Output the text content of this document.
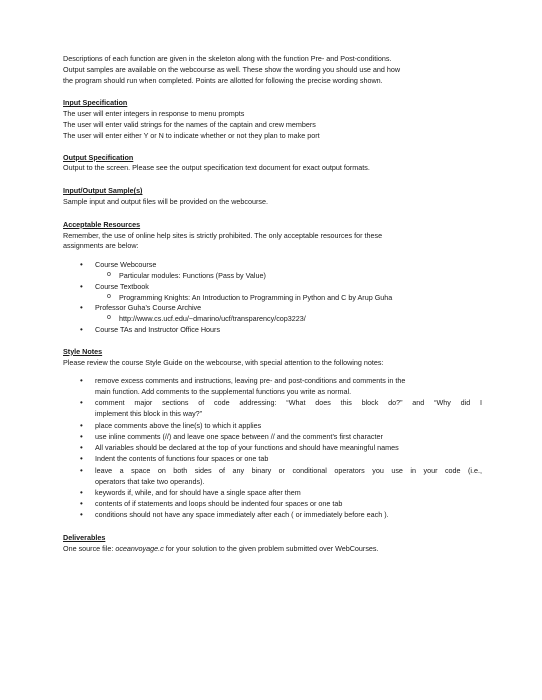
Descriptions of each function are given in the skeleton along with the function Pre- and Post-conditions.

Output samples are available on the webcourse as well. These show the wording you should use and how

the program should run when completed. Points are allotted for following the precise wording shown.

Input Specification

The user will enter integers in response to menu prompts

The user will enter valid strings for the names of the captain and crew members

The user will enter either Y or N to indicate whether or not they plan to make port

Output Specification

Output to the screen. Please see the output specification text document for exact output formats.

Input/Output Sample(s)

Sample input and output files will be provided on the webcourse.

Acceptable Resources

Remember, the use of online help sites is strictly prohibited. The only acceptable resources for these

assignments are below:

• Course Webcourse
o Particular modules: Functions (Pass by Value)
• Course Textbook
o Programming Knights: An Introduction to Programming in Python and C by Arup Guha
• Professor Guha’s Course Archive
o http://www.cs.ucf.edu/~dmarino/ucf/transparency/cop3223/
• Course TAs and Instructor Office Hours

Style Notes

Please review the course Style Guide on the webcourse, with special attention to the following notes:

• remove excess comments and instructions, leaving pre- and post-conditions and comments in the

main function. Add comments to the supplemental functions you write as normal.

• comment major sections of code addressing: “What does this block do?” and “Why did I

implement this block in this way?”

• place comments above the line(s) to which it applies

• use inline comments (//) and leave one space between // and the comment’s first character

• All variables should be declared at the top of your functions and should have meaningful names

• Indent the contents of functions four spaces or one tab

• leave a space on both sides of any binary or conditional operators you use in your code (i.e.,

operators that take two operands).

• keywords if, while, and for should have a single space after them

• contents of if statements and loops should be indented four spaces or one tab

• conditions should not have any space immediately after each ( or immediately before each ).

Deliverables

One source file: oceanvoyage.c for your solution to the given problem submitted over WebCourses.
